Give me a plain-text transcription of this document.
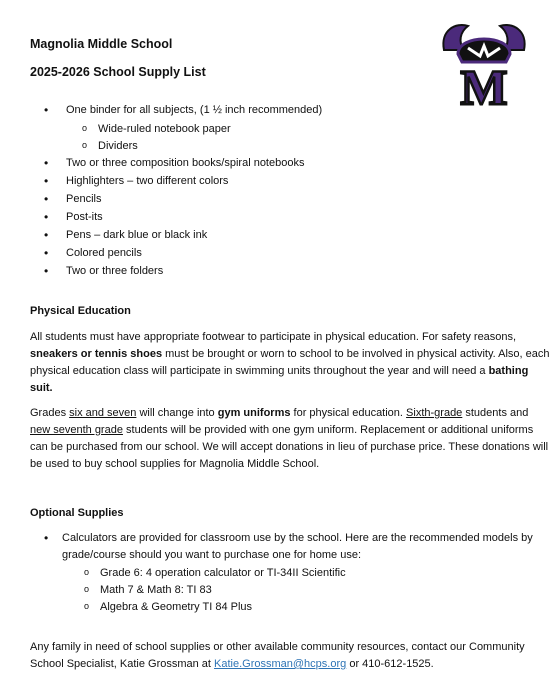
M
Magnolia Middle School
2025-2026 School Supply List
• One binder for all subjects, (1 ½ inch recommended)
o Wide-ruled notebook paper
o Dividers
• Two or three composition books/spiral notebooks
• Highlighters – two different colors
• Pencils
• Post-its
• Pens – dark blue or black ink
• Colored pencils
• Two or three folders
Physical Education
All students must have appropriate footwear to participate in physical education. For safety reasons, sneakers or tennis shoes must be brought or worn to school to be involved in physical activity. Also, each physical education class will participate in swimming units throughout the year and will need a bathing suit.
Grades six and seven will change into gym uniforms for physical education. Sixth-grade students and new seventh grade students will be provided with one gym uniform. Replacement or additional uniforms can be purchased from our school. We will accept donations in lieu of purchase price. These donations will be used to buy school supplies for Magnolia Middle School.
Optional Supplies
• Calculators are provided for classroom use by the school. Here are the recommended models by grade/course should you want to purchase one for home use:
o Grade 6: 4 operation calculator or TI-34II Scientific
o Math 7 & Math 8: TI 83
o Algebra & Geometry TI 84 Plus
Any family in need of school supplies or other available community resources, contact our Community School Specialist, Katie Grossman at Katie.Grossman@hcps.org or 410-612-1525.
